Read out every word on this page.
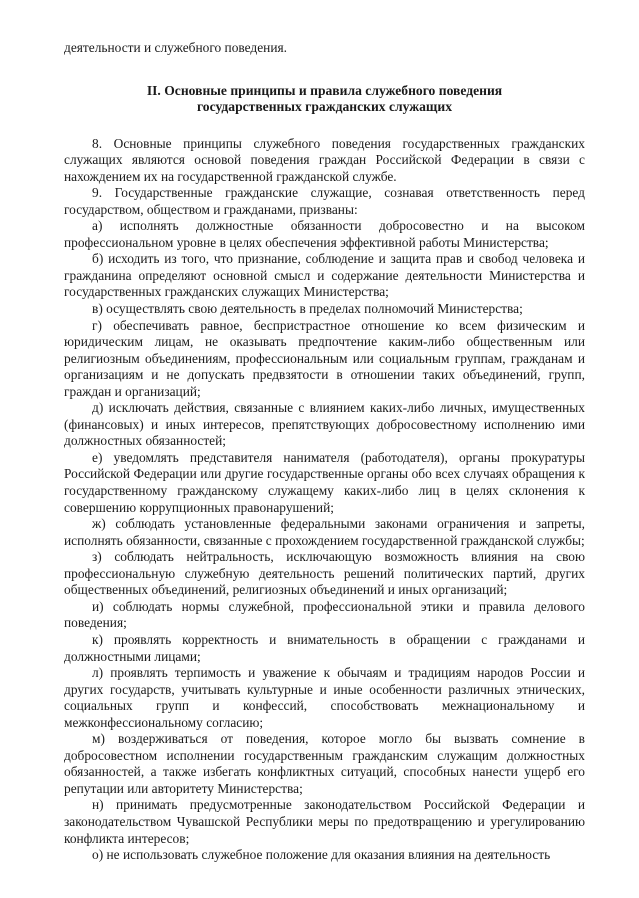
деятельности и служебного поведения.

II. Основные принципы и правила служебного поведения
государственных гражданских служащих

8. Основные принципы служебного поведения государственных гражданских служащих являются основой поведения граждан Российской Федерации в связи с нахождением их на государственной гражданской службе.

9. Государственные гражданские служащие, сознавая ответственность перед государством, обществом и гражданами, призваны:

а) исполнять должностные обязанности добросовестно и на высоком профессиональном уровне в целях обеспечения эффективной работы Министерства;

б) исходить из того, что признание, соблюдение и защита прав и свобод человека и гражданина определяют основной смысл и содержание деятельности Министерства и государственных гражданских служащих Министерства;

в) осуществлять свою деятельность в пределах полномочий Министерства;

г) обеспечивать равное, беспристрастное отношение ко всем физическим и юридическим лицам, не оказывать предпочтение каким-либо общественным или религиозным объединениям, профессиональным или социальным группам, гражданам и организациям и не допускать предвзятости в отношении таких объединений, групп, граждан и организаций;

д) исключать действия, связанные с влиянием каких-либо личных, имущественных (финансовых) и иных интересов, препятствующих добросовестному исполнению ими должностных обязанностей;

е) уведомлять представителя нанимателя (работодателя), органы прокуратуры Российской Федерации или другие государственные органы обо всех случаях обращения к государственному гражданскому служащему каких-либо лиц в целях склонения к совершению коррупционных правонарушений;

ж) соблюдать установленные федеральными законами ограничения и запреты, исполнять обязанности, связанные с прохождением государственной гражданской службы;

з) соблюдать нейтральность, исключающую возможность влияния на свою профессиональную служебную деятельность решений политических партий, других общественных объединений, религиозных объединений и иных организаций;

и) соблюдать нормы служебной, профессиональной этики и правила делового поведения;

к) проявлять корректность и внимательность в обращении с гражданами и должностными лицами;

л) проявлять терпимость и уважение к обычаям и традициям народов России и других государств, учитывать культурные и иные особенности различных этнических, социальных групп и конфессий, способствовать межнациональному и межконфессиональному согласию;

м) воздерживаться от поведения, которое могло бы вызвать сомнение в добросовестном исполнении государственным гражданским служащим должностных обязанностей, а также избегать конфликтных ситуаций, способных нанести ущерб его репутации или авторитету Министерства;

н) принимать предусмотренные законодательством Российской Федерации и законодательством Чувашской Республики меры по предотвращению и урегулированию конфликта интересов;

о) не использовать служебное положение для оказания влияния на деятельность
